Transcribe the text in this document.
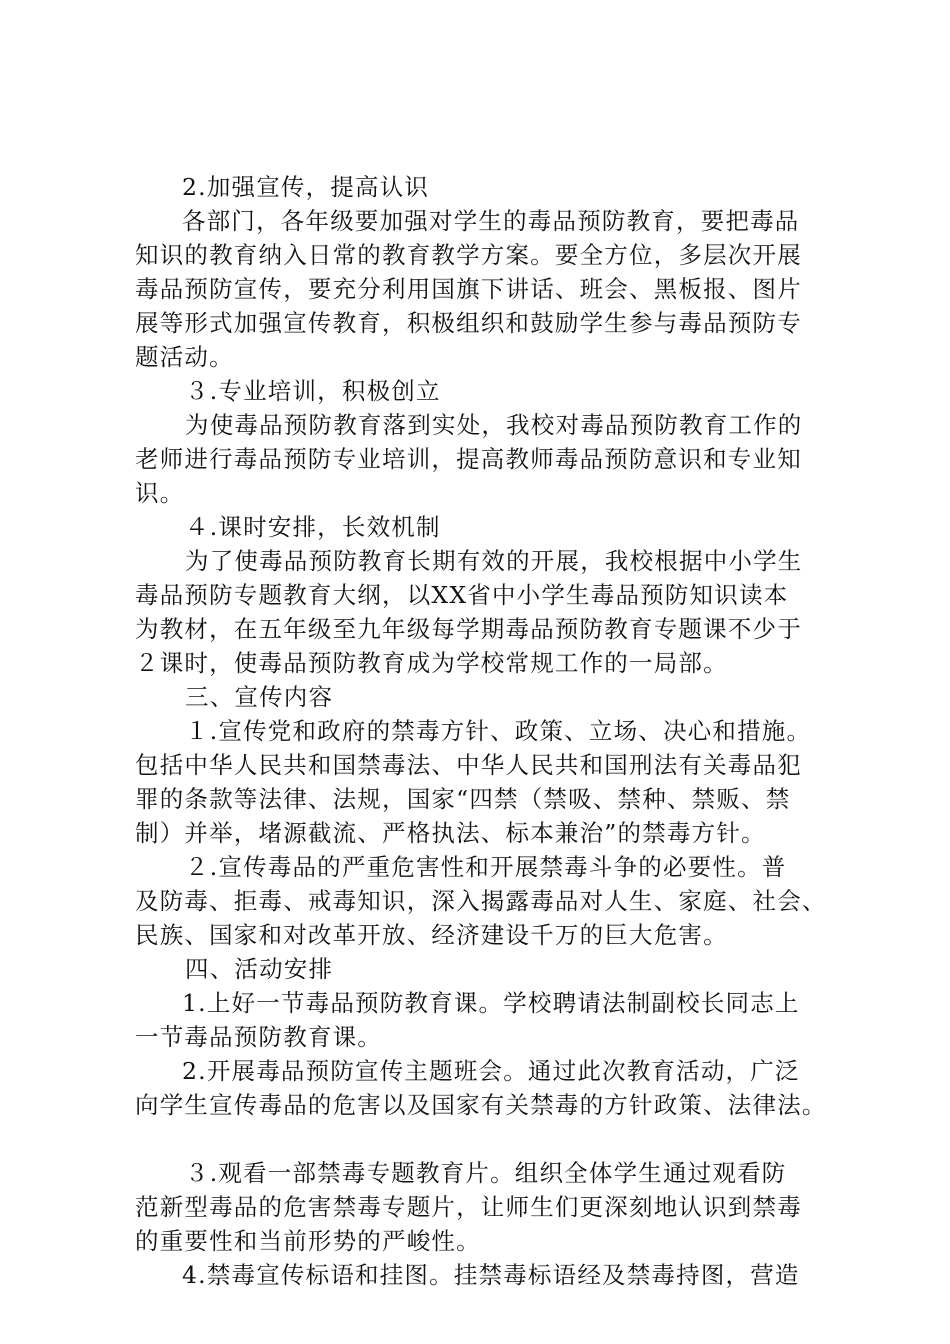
2.加强宣传，提高认识
各部门，各年级要加强对学生的毒品预防教育，要把毒品
知识的教育纳入日常的教育教学方案。要全方位，多层次开展
毒品预防宣传，要充分利用国旗下讲话、班会、黑板报、图片
展等形式加强宣传教育，积极组织和鼓励学生参与毒品预防专
题活动。
３.专业培训，积极创立
为使毒品预防教育落到实处，我校对毒品预防教育工作的
老师进行毒品预防专业培训，提高教师毒品预防意识和专业知
识。
４.课时安排，长效机制
为了使毒品预防教育长期有效的开展，我校根据中小学生
毒品预防专题教育大纲，以XX省中小学生毒品预防知识读本
为教材，在五年级至九年级每学期毒品预防教育专题课不少于
２课时，使毒品预防教育成为学校常规工作的一局部。
三、宣传内容
１.宣传党和政府的禁毒方针、政策、立场、决心和措施。
包括中华人民共和国禁毒法、中华人民共和国刑法有关毒品犯
罪的条款等法律、法规，国家“四禁（禁吸、禁种、禁贩、禁
制）并举，堵源截流、严格执法、标本兼治”的禁毒方针。
２.宣传毒品的严重危害性和开展禁毒斗争的必要性。普
及防毒、拒毒、戒毒知识，深入揭露毒品对人生、家庭、社会、
民族、国家和对改革开放、经济建设千万的巨大危害。
四、活动安排
1.上好一节毒品预防教育课。学校聘请法制副校长同志上
一节毒品预防教育课。
2.开展毒品预防宣传主题班会。通过此次教育活动，广泛
向学生宣传毒品的危害以及国家有关禁毒的方针政策、法律法。
３.观看一部禁毒专题教育片。组织全体学生通过观看防
范新型毒品的危害禁毒专题片，让师生们更深刻地认识到禁毒
的重要性和当前形势的严峻性。
4.禁毒宣传标语和挂图。挂禁毒标语经及禁毒持图，营造
